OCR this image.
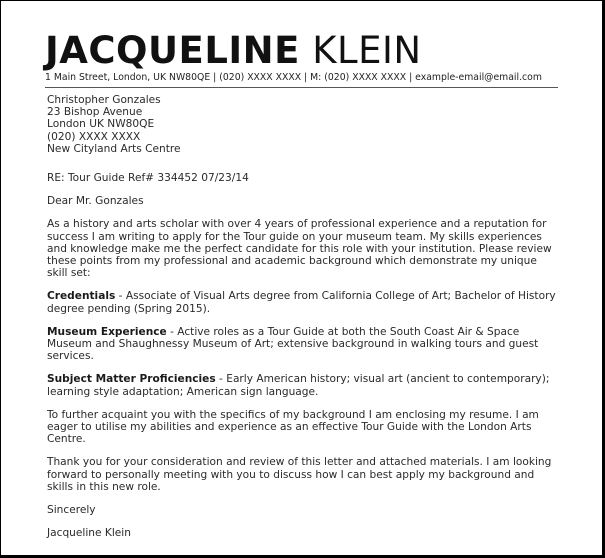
JACQUELINE KLEIN
1 Main Street, London, UK NW80QE | (020) XXXX XXXX | M: (020) XXXX XXXX | example-email@email.com

Christopher Gonzales

23 Bishop Avenue

London UK NW80QE

(020) XXXX XXXX

New Cityland Arts Centre

RE: Tour Guide Ref# 334452 07/23/14

Dear Mr. Gonzales

As a history and arts scholar with over 4 years of professional experience and a reputation for success I am writing to apply for the Tour guide on your museum team. My skills experiences and knowledge make me the perfect candidate for this role with your institution. Please review these points from my professional and academic background which demonstrate my unique skill set:

Credentials - Associate of Visual Arts degree from California College of Art; Bachelor of History degree pending (Spring 2015).

Museum Experience - Active roles as a Tour Guide at both the South Coast Air & Space Museum and Shaughnessy Museum of Art; extensive background in walking tours and guest services.

Subject Matter Proficiencies - Early American history; visual art (ancient to contemporary); learning style adaptation; American sign language.

To further acquaint you with the specifics of my background I am enclosing my resume. I am eager to utilise my abilities and experience as an effective Tour Guide with the London Arts Centre.

Thank you for your consideration and review of this letter and attached materials. I am looking forward to personally meeting with you to discuss how I can best apply my background and skills in this new role.

Sincerely

Jacqueline Klein
